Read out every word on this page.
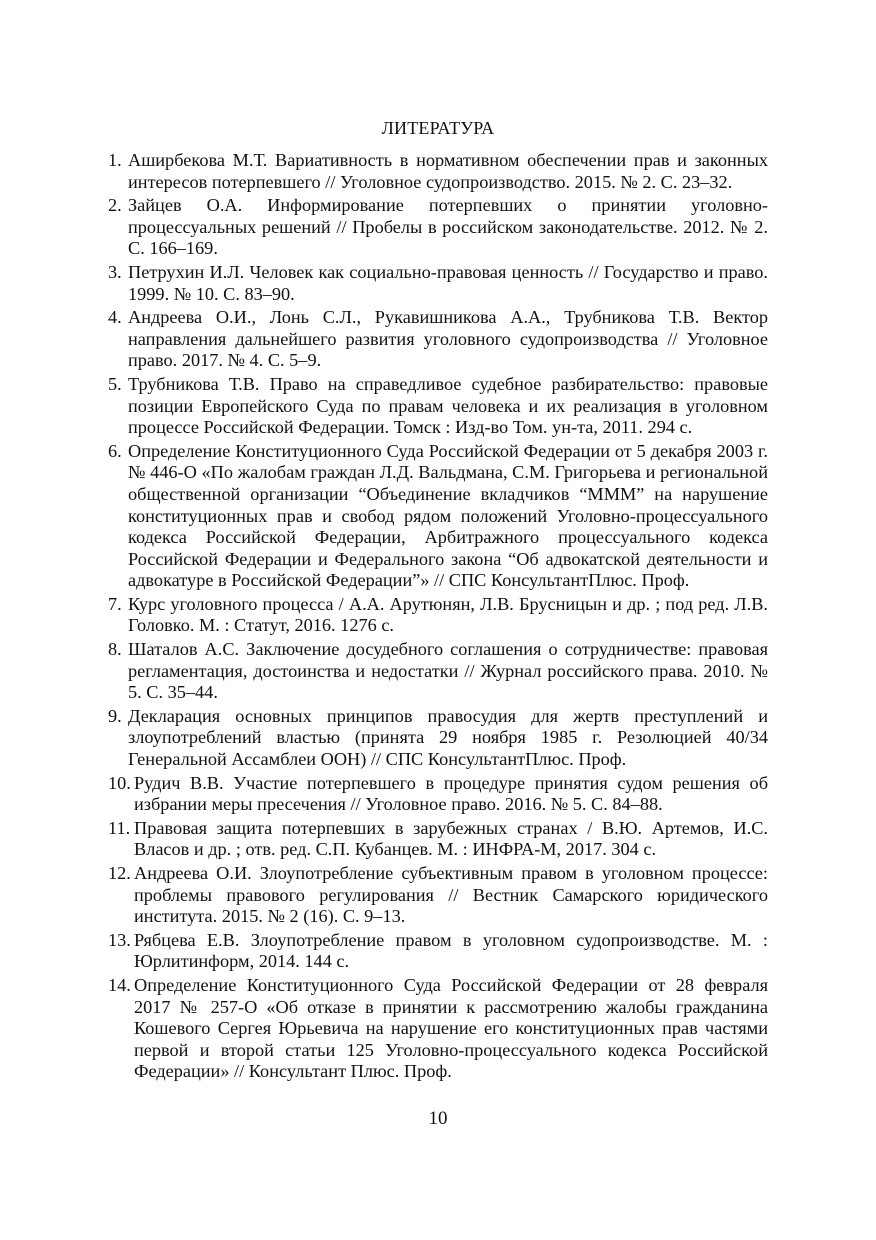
ЛИТЕРАТУРА
1. Аширбекова М.Т. Вариативность в нормативном обеспечении прав и законных интересов потерпевшего // Уголовное судопроизводство. 2015. № 2. С. 23–32.
2. Зайцев О.А. Информирование потерпевших о принятии уголовно-процессуальных решений // Пробелы в российском законодательстве. 2012. № 2. С. 166–169.
3. Петрухин И.Л. Человек как социально-правовая ценность // Государство и право. 1999. № 10. С. 83–90.
4. Андреева О.И., Лонь С.Л., Рукавишникова А.А., Трубникова Т.В. Вектор направления дальнейшего развития уголовного судопроизводства // Уголовное право. 2017. № 4. С. 5–9.
5. Трубникова Т.В. Право на справедливое судебное разбирательство: правовые позиции Европейского Суда по правам человека и их реализация в уголовном процессе Российской Федерации. Томск : Изд-во Том. ун-та, 2011. 294 с.
6. Определение Конституционного Суда Российской Федерации от 5 декабря 2003 г. № 446-О «По жалобам граждан Л.Д. Вальдмана, С.М. Григорьева и региональной общественной организации “Объединение вкладчиков “МММ” на нарушение конституционных прав и свобод рядом положений Уголовно-процессуального кодекса Российской Федерации, Арбитражного процессуального кодекса Российской Федерации и Федерального закона “Об адвокатской деятельности и адвокатуре в Российской Федерации”» // СПС КонсультантПлюс. Проф.
7. Курс уголовного процесса / А.А. Арутюнян, Л.В. Брусницын и др. ; под ред. Л.В. Головко. М. : Статут, 2016. 1276 с.
8. Шаталов А.С. Заключение досудебного соглашения о сотрудничестве: правовая регламентация, достоинства и недостатки // Журнал российского права. 2010. № 5. С. 35–44.
9. Декларация основных принципов правосудия для жертв преступлений и злоупотреблений властью (принята 29 ноября 1985 г. Резолюцией 40/34 Генеральной Ассамблеи ООН) // СПС КонсультантПлюс. Проф.
10. Рудич В.В. Участие потерпевшего в процедуре принятия судом решения об избрании меры пресечения // Уголовное право. 2016. № 5. С. 84–88.
11. Правовая защита потерпевших в зарубежных странах / В.Ю. Артемов, И.С. Власов и др. ; отв. ред. С.П. Кубанцев. М. : ИНФРА-М, 2017. 304 с.
12. Андреева О.И. Злоупотребление субъективным правом в уголовном процессе: проблемы правового регулирования // Вестник Самарского юридического института. 2015. № 2 (16). С. 9–13.
13. Рябцева Е.В. Злоупотребление правом в уголовном судопроизводстве. М. : Юрлитинформ, 2014. 144 с.
14. Определение Конституционного Суда Российской Федерации от 28 февраля 2017 № 257-О «Об отказе в принятии к рассмотрению жалобы гражданина Кошевого Сергея Юрьевича на нарушение его конституционных прав частями первой и второй статьи 125 Уголовно-процессуального кодекса Российской Федерации» // Консультант Плюс. Проф.
10
